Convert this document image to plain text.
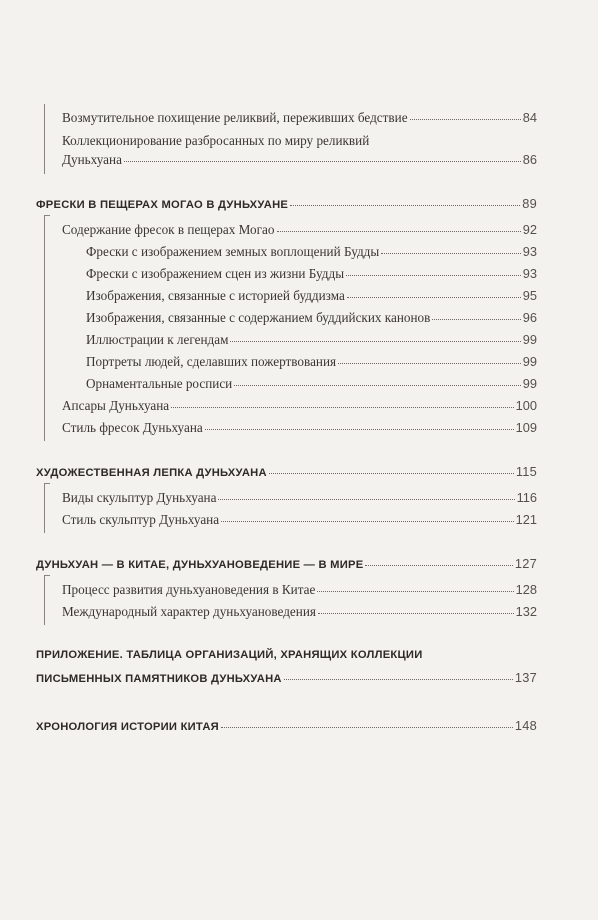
Возмутительное похищение реликвий, переживших бедствие	84
Коллекционирование разбросанных по миру реликвий
Дуньхуана	86
ФРЕСКИ В ПЕЩЕРАХ МОГАО В ДУНЬХУАНЕ	89
Содержание фресок в пещерах Могао	92
Фрески с изображением земных воплощений Будды	93
Фрески с изображением сцен из жизни Будды	93
Изображения, связанные с историей буддизма	95
Изображения, связанные с содержанием буддийских канонов	96
Иллюстрации к легендам	99
Портреты людей, сделавших пожертвования	99
Орнаментальные росписи	99
Апсары Дуньхуана	100
Стиль фресок Дуньхуана	109
ХУДОЖЕСТВЕННАЯ ЛЕПКА ДУНЬХУАНА	115
Виды скульптур Дуньхуана	116
Стиль скульптур Дуньхуана	121
ДУНЬХУАН — В КИТАЕ, ДУНЬХУАНОВЕДЕНИЕ — В МИРЕ	127
Процесс развития дуньхуановедения в Китае	128
Международный характер дуньхуановедения	132
ПРИЛОЖЕНИЕ. ТАБЛИЦА ОРГАНИЗАЦИЙ, ХРАНЯЩИХ КОЛЛЕКЦИИ
ПИСЬМЕННЫХ ПАМЯТНИКОВ ДУНЬХУАНА	137
ХРОНОЛОГИЯ ИСТОРИИ КИТАЯ	148
